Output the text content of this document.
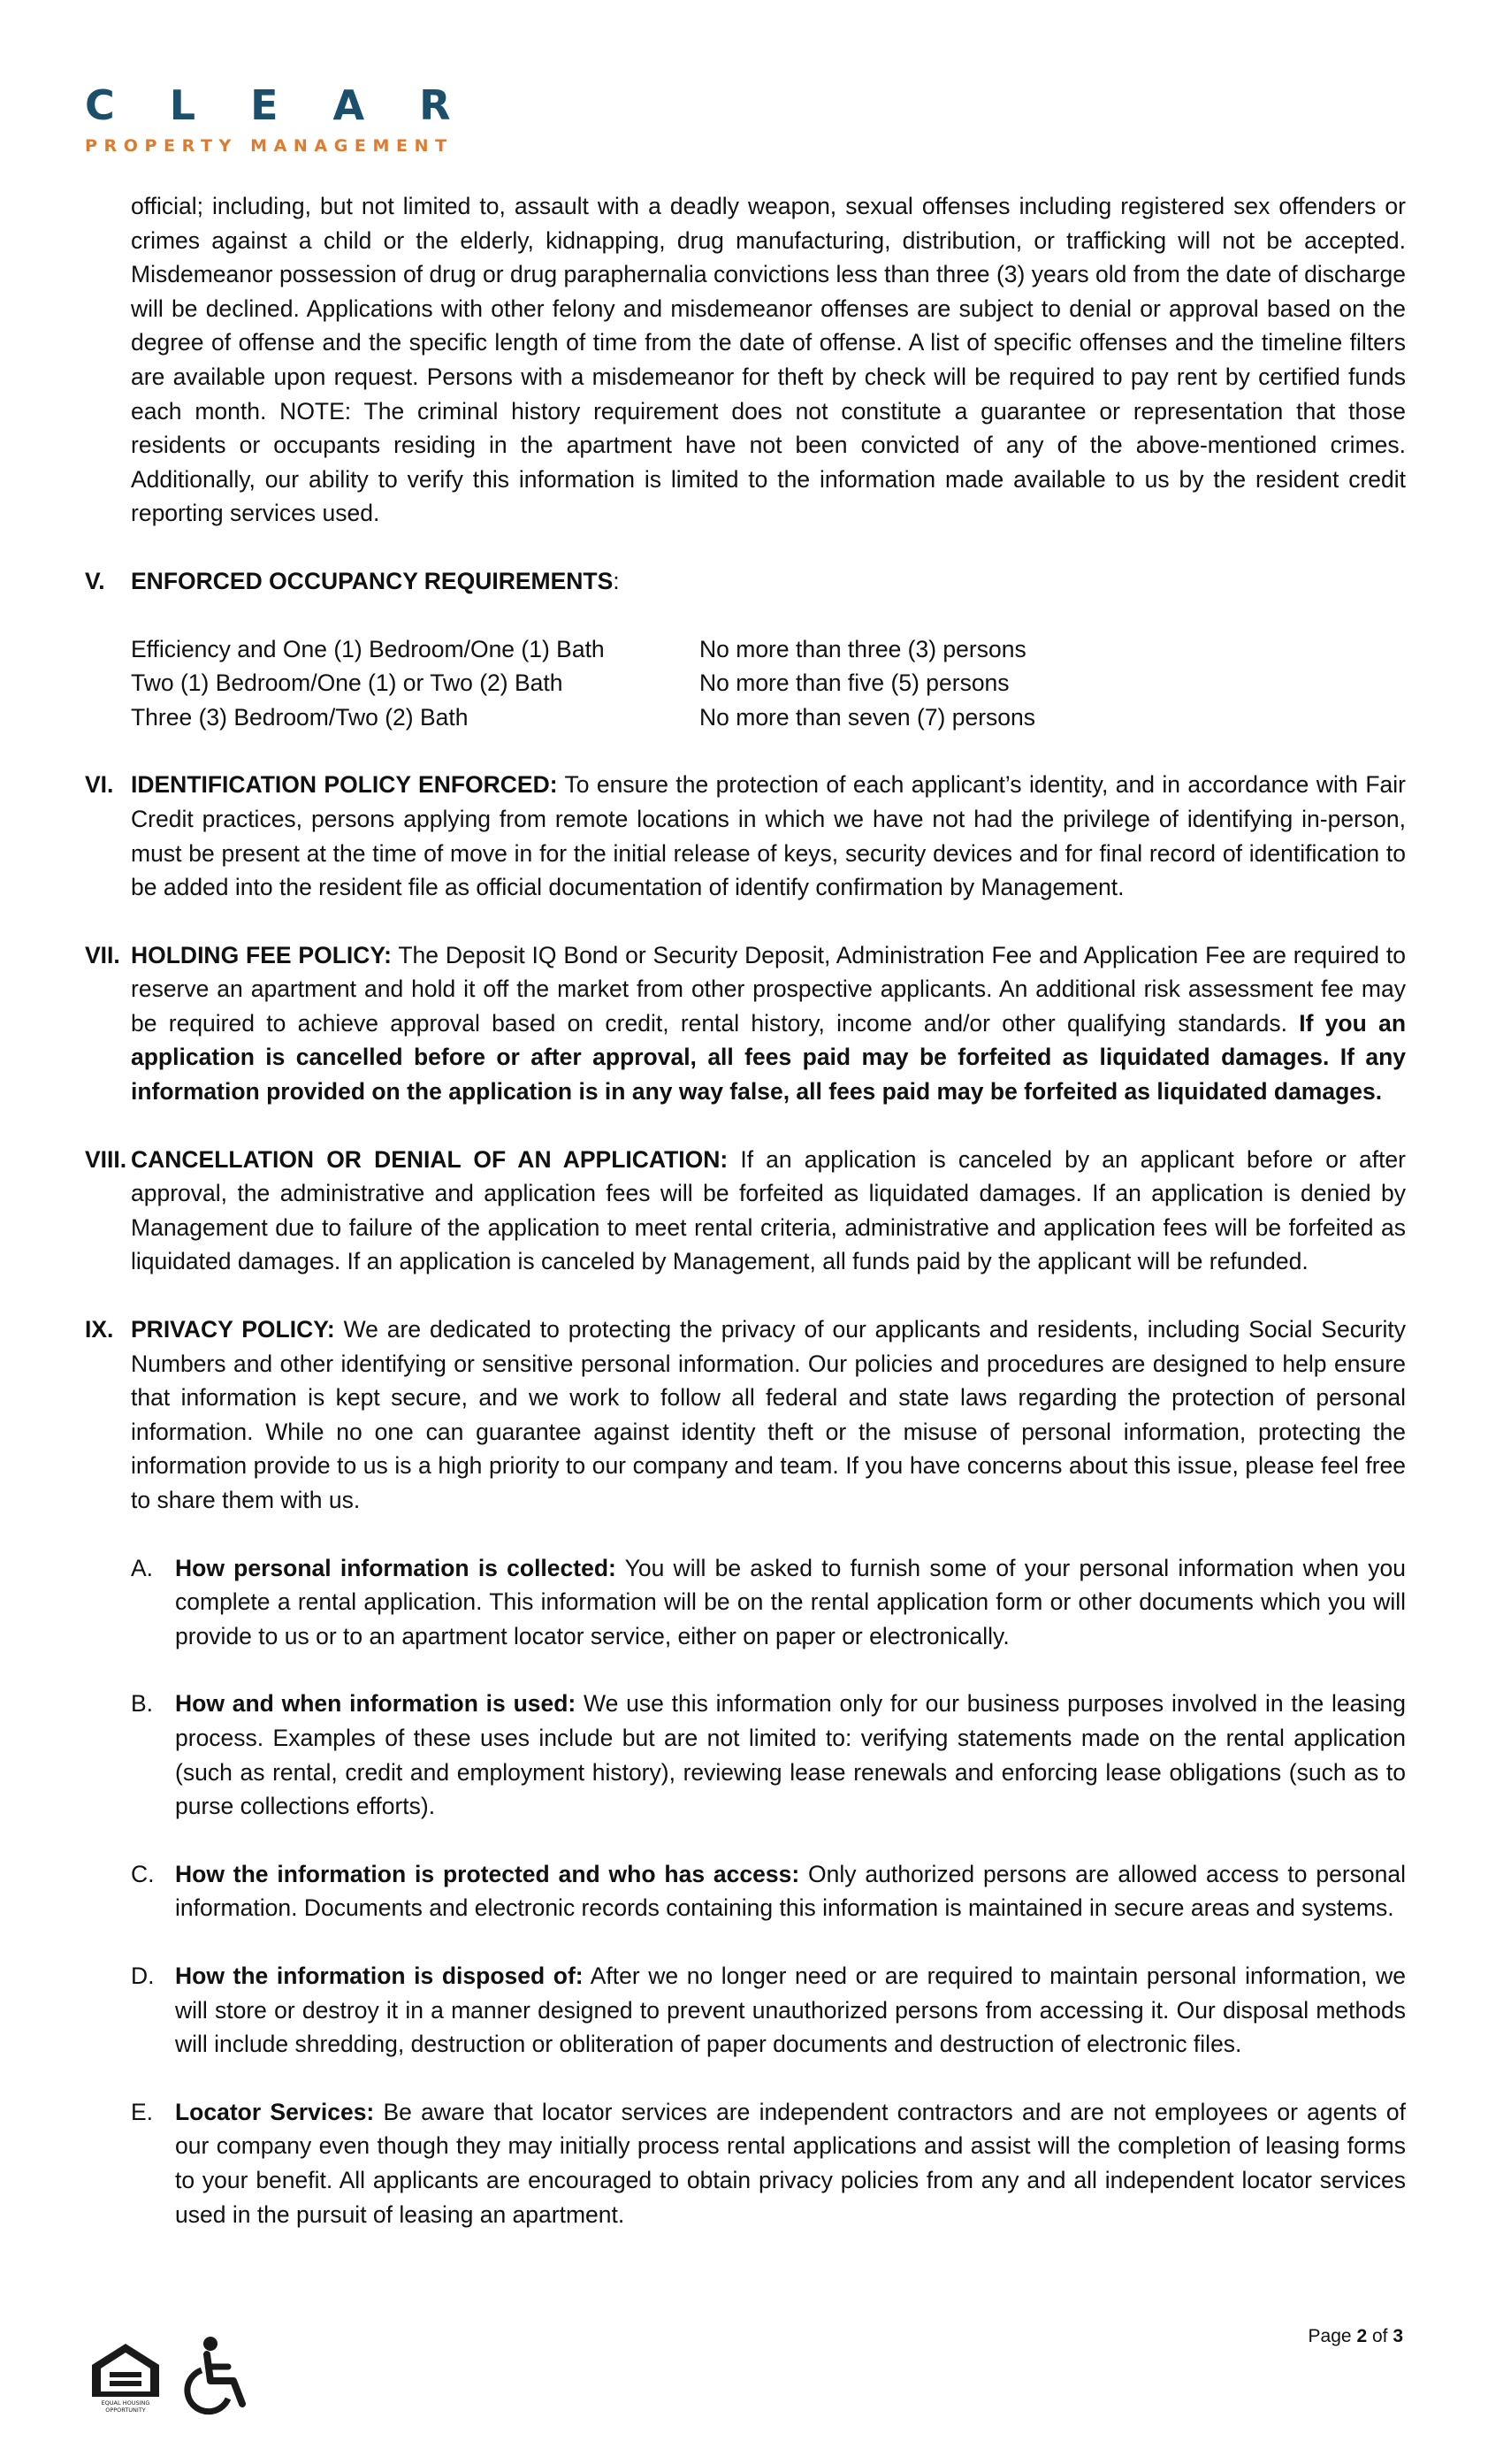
CLEAR
PROPERTY MANAGEMENT
official; including, but not limited to, assault with a deadly weapon, sexual offenses including registered sex offenders or crimes against a child or the elderly, kidnapping, drug manufacturing, distribution, or trafficking will not be accepted. Misdemeanor possession of drug or drug paraphernalia convictions less than three (3) years old from the date of discharge will be declined. Applications with other felony and misdemeanor offenses are subject to denial or approval based on the degree of offense and the specific length of time from the date of offense. A list of specific offenses and the timeline filters are available upon request. Persons with a misdemeanor for theft by check will be required to pay rent by certified funds each month. NOTE: The criminal history requirement does not constitute a guarantee or representation that those residents or occupants residing in the apartment have not been convicted of any of the above-mentioned crimes. Additionally, our ability to verify this information is limited to the information made available to us by the resident credit reporting services used.
V. ENFORCED OCCUPANCY REQUIREMENTS:
Efficiency and One (1) Bedroom/One (1) Bath	No more than three (3) persons
Two (1) Bedroom/One (1) or Two (2) Bath	No more than five (5) persons
Three (3) Bedroom/Two (2) Bath	No more than seven (7) persons
VI. IDENTIFICATION POLICY ENFORCED: To ensure the protection of each applicant’s identity, and in accordance with Fair Credit practices, persons applying from remote locations in which we have not had the privilege of identifying in-person, must be present at the time of move in for the initial release of keys, security devices and for final record of identification to be added into the resident file as official documentation of identify confirmation by Management.
VII. HOLDING FEE POLICY: The Deposit IQ Bond or Security Deposit, Administration Fee and Application Fee are required to reserve an apartment and hold it off the market from other prospective applicants. An additional risk assessment fee may be required to achieve approval based on credit, rental history, income and/or other qualifying standards. If you an application is cancelled before or after approval, all fees paid may be forfeited as liquidated damages. If any information provided on the application is in any way false, all fees paid may be forfeited as liquidated damages.
VIII. CANCELLATION OR DENIAL OF AN APPLICATION: If an application is canceled by an applicant before or after approval, the administrative and application fees will be forfeited as liquidated damages. If an application is denied by Management due to failure of the application to meet rental criteria, administrative and application fees will be forfeited as liquidated damages. If an application is canceled by Management, all funds paid by the applicant will be refunded.
IX. PRIVACY POLICY: We are dedicated to protecting the privacy of our applicants and residents, including Social Security Numbers and other identifying or sensitive personal information. Our policies and procedures are designed to help ensure that information is kept secure, and we work to follow all federal and state laws regarding the protection of personal information. While no one can guarantee against identity theft or the misuse of personal information, protecting the information provide to us is a high priority to our company and team. If you have concerns about this issue, please feel free to share them with us.
A. How personal information is collected: You will be asked to furnish some of your personal information when you complete a rental application. This information will be on the rental application form or other documents which you will provide to us or to an apartment locator service, either on paper or electronically.
B. How and when information is used: We use this information only for our business purposes involved in the leasing process. Examples of these uses include but are not limited to: verifying statements made on the rental application (such as rental, credit and employment history), reviewing lease renewals and enforcing lease obligations (such as to purse collections efforts).
C. How the information is protected and who has access: Only authorized persons are allowed access to personal information. Documents and electronic records containing this information is maintained in secure areas and systems.
D. How the information is disposed of: After we no longer need or are required to maintain personal information, we will store or destroy it in a manner designed to prevent unauthorized persons from accessing it. Our disposal methods will include shredding, destruction or obliteration of paper documents and destruction of electronic files.
E. Locator Services: Be aware that locator services are independent contractors and are not employees or agents of our company even though they may initially process rental applications and assist will the completion of leasing forms to your benefit. All applicants are encouraged to obtain privacy policies from any and all independent locator services used in the pursuit of leasing an apartment.
Page 2 of 3
EQUAL HOUSING
OPPORTUNITY
